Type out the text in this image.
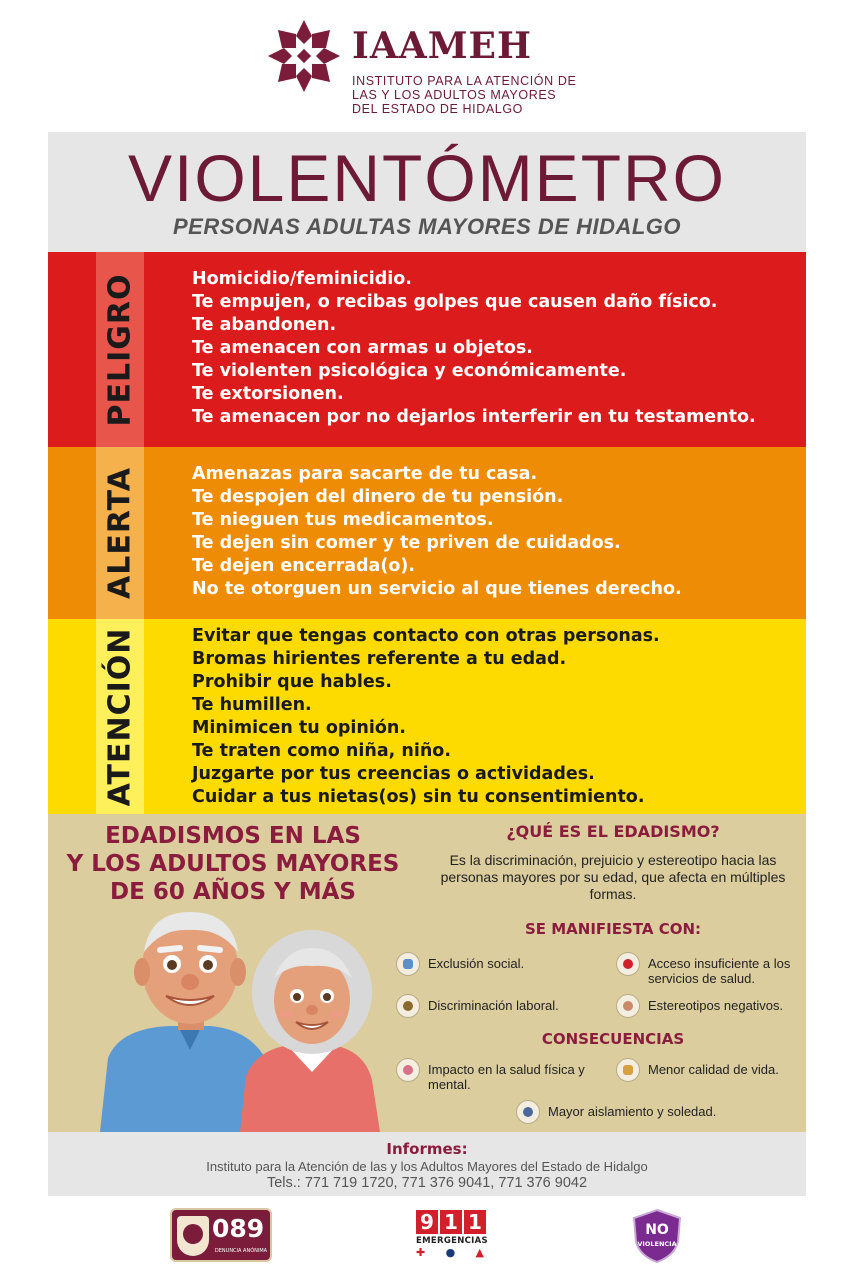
IAAMEH
INSTITUTO PARA LA ATENCIÓN DE
LAS Y LOS ADULTOS MAYORES
DEL ESTADO DE HIDALGO
VIOLENTÓMETRO
PERSONAS ADULTAS MAYORES DE HIDALGO
PELIGRO	Homicidio/feminicidio.
Te empujen, o recibas golpes que causen daño físico.
Te abandonen.
Te amenacen con armas u objetos.
Te violenten psicológica y económicamente.
Te extorsionen.
Te amenacen por no dejarlos interferir en tu testamento.
ALERTA	Amenazas para sacarte de tu casa.
Te despojen del dinero de tu pensión.
Te nieguen tus medicamentos.
Te dejen sin comer y te priven de cuidados.
Te dejen encerrada(o).
No te otorguen un servicio al que tienes derecho.
ATENCIÓN	Evitar que tengas contacto con otras personas.
Bromas hirientes referente a tu edad.
Prohibir que hables.
Te humillen.
Minimicen tu opinión.
Te traten como niña, niño.
Juzgarte por tus creencias o actividades.
Cuidar a tus nietas(os) sin tu consentimiento.
EDADISMOS EN LAS
Y LOS ADULTOS MAYORES
DE 60 AÑOS Y MÁS
¿QUÉ ES EL EDADISMO?
Es la discriminación, prejuicio y estereotipo hacia las personas mayores por su edad, que afecta en múltiples formas.
SE MANIFIESTA CON:
Exclusión social.	Acceso insuficiente a los servicios de salud.
Discriminación laboral.	Estereotipos negativos.
CONSECUENCIAS
Impacto en la salud física y mental.
Menor calidad de vida.
Mayor aislamiento y soledad.
Informes:
Instituto para la Atención de las y los Adultos Mayores del Estado de Hidalgo
Tels.: 771 719 1720, 771 376 9041, 771 376 9042
089
DENUNCIA ANÓNIMA
9 1 1
EMERGENCIAS
✚ ● ▲
NO
VIOLENCIA
